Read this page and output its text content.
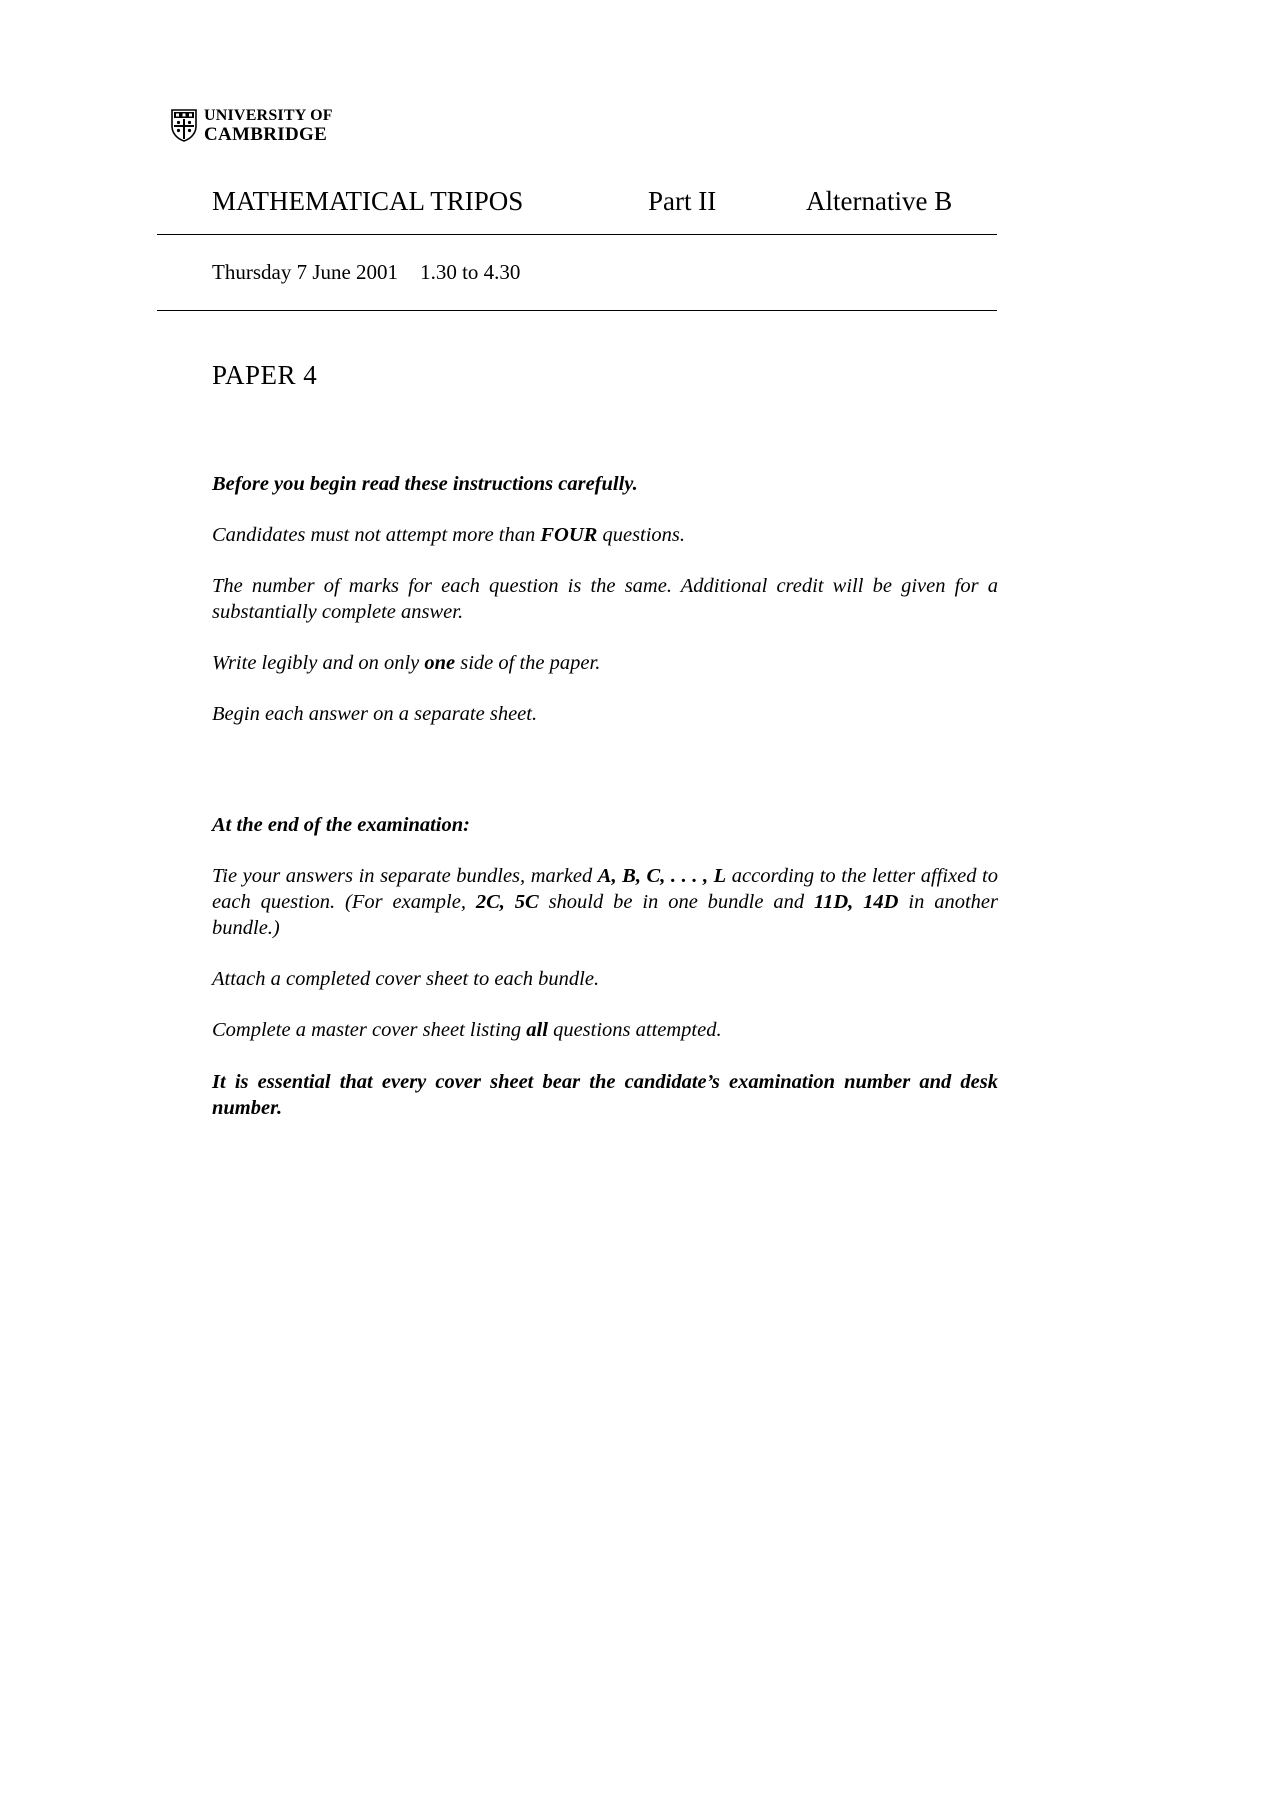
UNIVERSITY OF
CAMBRIDGE
MATHEMATICAL TRIPOS	Part II	Alternative B
Thursday 7 June 2001 1.30 to 4.30
PAPER 4
Before you begin read these instructions carefully.
Candidates must not attempt more than FOUR questions.
The number of marks for each question is the same. Additional credit will be given for a substantially complete answer.
Write legibly and on only one side of the paper.
Begin each answer on a separate sheet.
At the end of the examination:
Tie your answers in separate bundles, marked A, B, C, . . . , L according to the letter affixed to each question. (For example, 2C, 5C should be in one bundle and 11D, 14D in another bundle.)
Attach a completed cover sheet to each bundle.
Complete a master cover sheet listing all questions attempted.
It is essential that every cover sheet bear the candidate’s examination number and desk number.
